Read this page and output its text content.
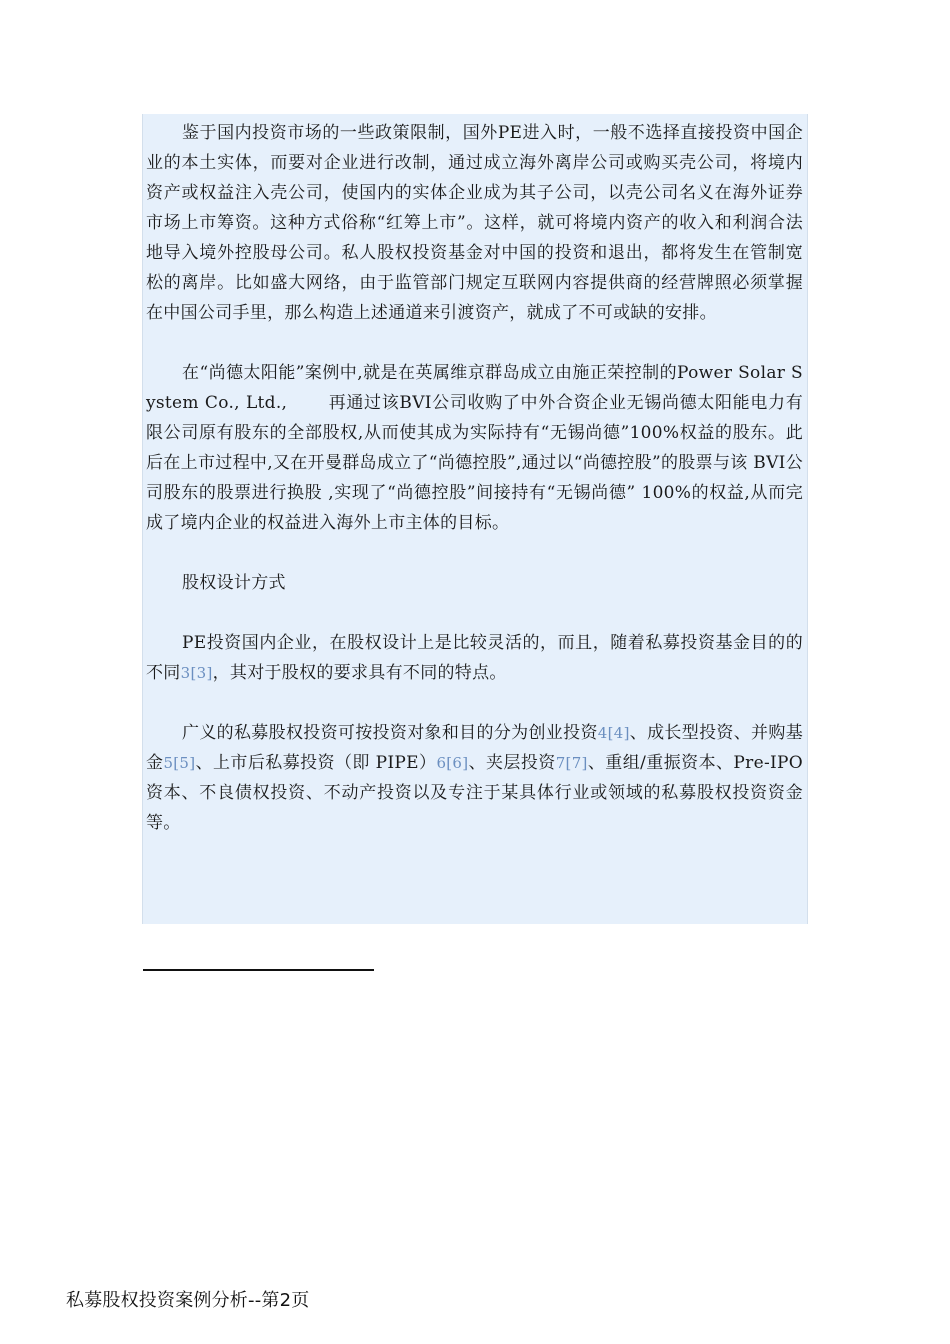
鉴于国内投资市场的一些政策限制，国外PE进入时，一般不选择直接投资中国企业的本土实体，而要对企业进行改制，通过成立海外离岸公司或购买壳公司，将境内资产或权益注入壳公司，使国内的实体企业成为其子公司，以壳公司名义在海外证券市场上市筹资。这种方式俗称“红筹上市”。这样，就可将境内资产的收入和利润合法地导入境外控股母公司。私人股权投资基金对中国的投资和退出，都将发生在管制宽松的离岸。比如盛大网络，由于监管部门规定互联网内容提供商的经营牌照必须掌握在中国公司手里，那么构造上述通道来引渡资产，就成了不可或缺的安排。

在“尚德太阳能”案例中,就是在英属维京群岛成立由施正荣控制的Power Solar System Co., Ltd., 　　再通过该BVI公司收购了中外合资企业无锡尚德太阳能电力有限公司原有股东的全部股权,从而使其成为实际持有“无锡尚德”100%权益的股东。此后在上市过程中,又在开曼群岛成立了“尚德控股”,通过以“尚德控股”的股票与该 BVI公司股东的股票进行换股 ,实现了“尚德控股”间接持有“无锡尚德” 100%的权益,从而完成了境内企业的权益进入海外上市主体的目标。

股权设计方式

PE投资国内企业，在股权设计上是比较灵活的，而且，随着私募投资基金目的的不同3[3]，其对于股权的要求具有不同的特点。

广义的私募股权投资可按投资对象和目的分为创业投资4[4]、成长型投资、并购基金5[5]、上市后私募投资（即 PIPE）6[6]、夹层投资7[7]、重组/重振资本、Pre-IPO 资本、不良债权投资、不动产投资以及专注于某具体行业或领域的私募股权投资资金等。

私募股权投资案例分析--第2页
